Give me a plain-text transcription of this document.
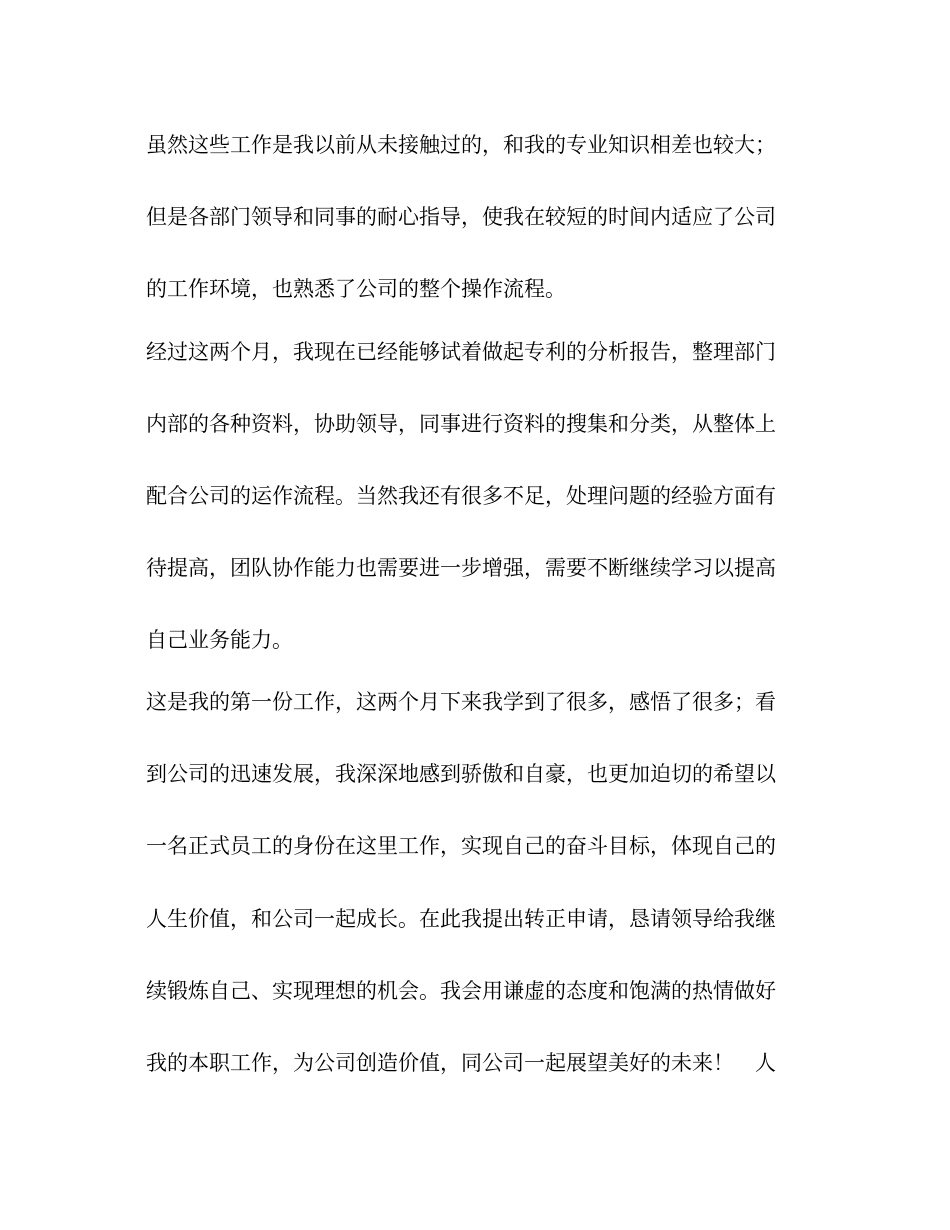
虽然这些工作是我以前从未接触过的，和我的专业知识相差也较大；
但是各部门领导和同事的耐心指导，使我在较短的时间内适应了公司
的工作环境，也熟悉了公司的整个操作流程。
经过这两个月，我现在已经能够试着做起专利的分析报告，整理部门
内部的各种资料，协助领导，同事进行资料的搜集和分类，从整体上
配合公司的运作流程。当然我还有很多不足，处理问题的经验方面有
待提高，团队协作能力也需要进一步增强，需要不断继续学习以提高
自己业务能力。
这是我的第一份工作，这两个月下来我学到了很多，感悟了很多；看
到公司的迅速发展，我深深地感到骄傲和自豪，也更加迫切的希望以
一名正式员工的身份在这里工作，实现自己的奋斗目标，体现自己的
人生价值，和公司一起成长。在此我提出转正申请，恳请领导给我继
续锻炼自己、实现理想的机会。我会用谦虚的态度和饱满的热情做好
我的本职工作，为公司创造价值，同公司一起展望美好的未来！　人
